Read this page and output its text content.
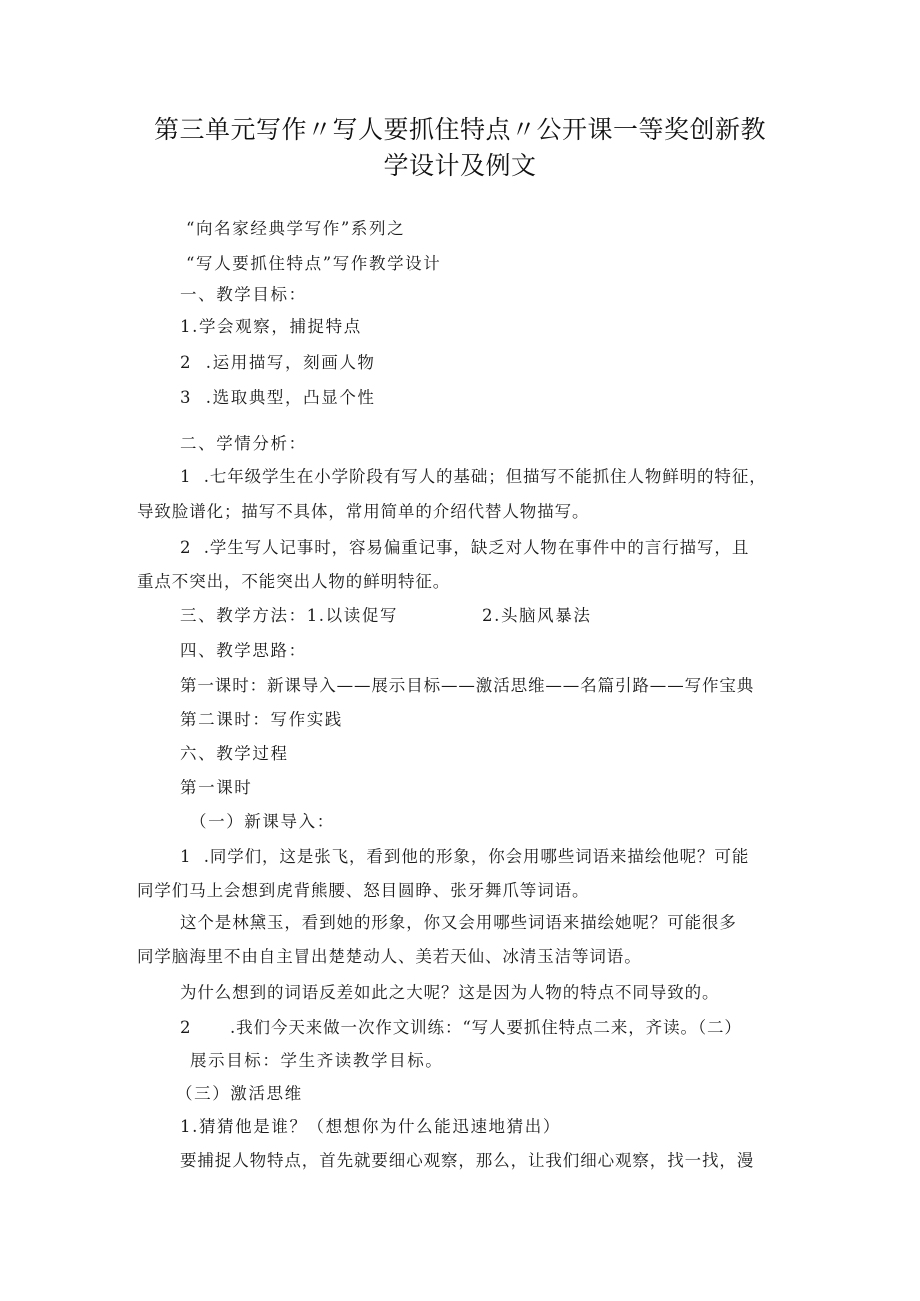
第三单元写作〃写人要抓住特点〃公开课一等奖创新教
学设计及例文
“向名家经典学写作”系列之
“写人要抓住特点”写作教学设计
一、教学目标：
1.学会观察，捕捉特点
2  .运用描写，刻画人物
3  .选取典型，凸显个性
二、学情分析：
1  .七年级学生在小学阶段有写人的基础；但描写不能抓住人物鲜明的特征，
导致脸谱化；描写不具体，常用简单的介绍代替人物描写。
2  .学生写人记事时，容易偏重记事，缺乏对人物在事件中的言行描写，且
重点不突出，不能突出人物的鲜明特征。
三、教学方法：1.以读促写	2.头脑风暴法
四、教学思路：
第一课时：新课导入——展示目标——激活思维——名篇引路——写作宝典
第二课时：写作实践
六、教学过程
第一课时
（一）新课导入：
1  .同学们，这是张飞，看到他的形象，你会用哪些词语来描绘他呢？可能
同学们马上会想到虎背熊腰、怒目圆睁、张牙舞爪等词语。
这个是林黛玉，看到她的形象，你又会用哪些词语来描绘她呢？可能很多
同学脑海里不由自主冒出楚楚动人、美若天仙、冰清玉洁等词语。
为什么想到的词语反差如此之大呢？这是因为人物的特点不同导致的。
2 .我们今天来做一次作文训练：“写人要抓住特点二来，齐读。（二）
展示目标：学生齐读教学目标。
（三）激活思维
1.猜猜他是谁？（想想你为什么能迅速地猜出）
要捕捉人物特点，首先就要细心观察，那么，让我们细心观察，找一找，漫
